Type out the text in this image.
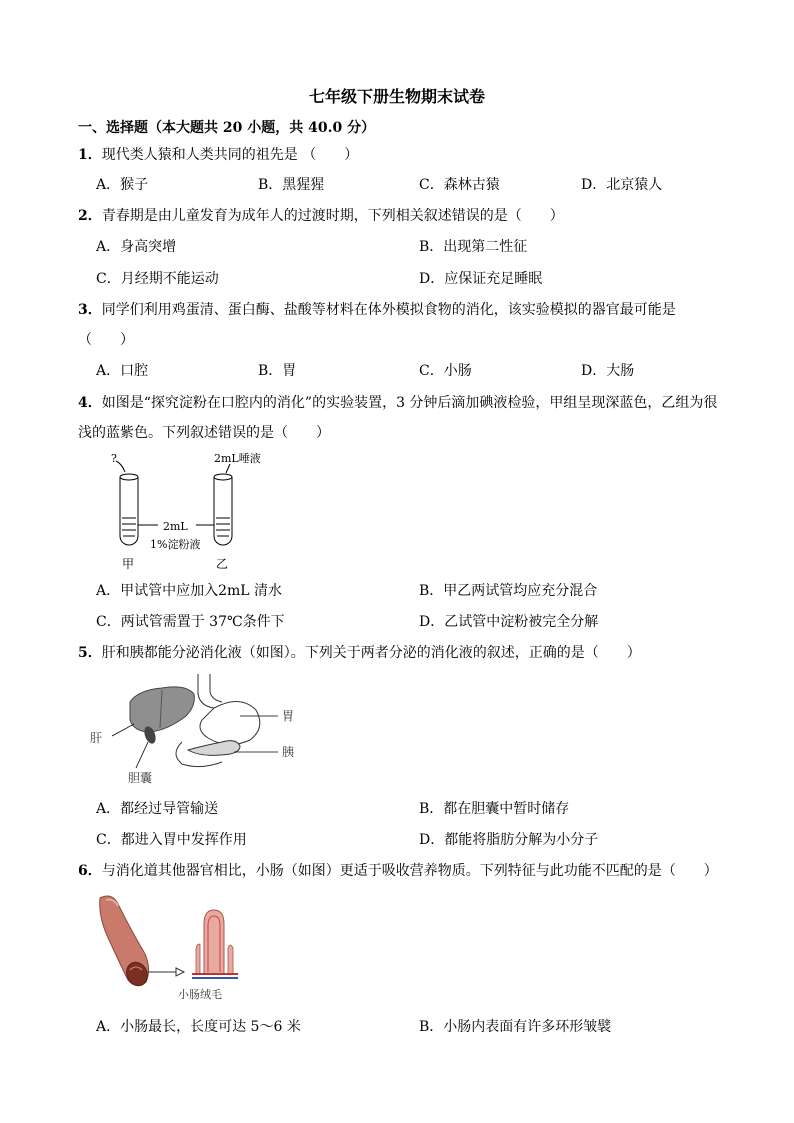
七年级下册生物期末试卷
一、选择题（本大题共 20 小题，共 40.0 分）
1．现代类人猿和人类共同的祖先是 （　　）
A．猴子	B．黑猩猩	C．森林古猿	D．北京猿人
2．青春期是由儿童发育为成年人的过渡时期，下列相关叙述错误的是（　　）
A．身高突增	B．出现第二性征
C．月经期不能运动	D．应保证充足睡眠
3．同学们利用鸡蛋清、蛋白酶、盐酸等材料在体外模拟食物的消化，该实验模拟的器官最可能是
（　　）
A．口腔	B．胃	C．小肠	D．大肠
4．如图是“探究淀粉在口腔内的消化”的实验装置，3 分钟后滴加碘液检验，甲组呈现深蓝色，乙组为很
浅的蓝紫色。下列叙述错误的是（　　）
?	2mL唾液
2mL
1%淀粉液
甲	乙
A．甲试管中应加入2mL 清水	B．甲乙两试管均应充分混合
C．两试管需置于 37℃条件下	D．乙试管中淀粉被完全分解
5．肝和胰都能分泌消化液（如图）。下列关于两者分泌的消化液的叙述，正确的是（　　）
肝
胆囊
胃
胰
A．都经过导管输送	B．都在胆囊中暂时储存
C．都进入胃中发挥作用	D．都能将脂肪分解为小分子
6．与消化道其他器官相比，小肠（如图）更适于吸收营养物质。下列特征与此功能不匹配的是（　　）
小肠绒毛
A．小肠最长，长度可达 5～6 米	B．小肠内表面有许多环形皱襞
